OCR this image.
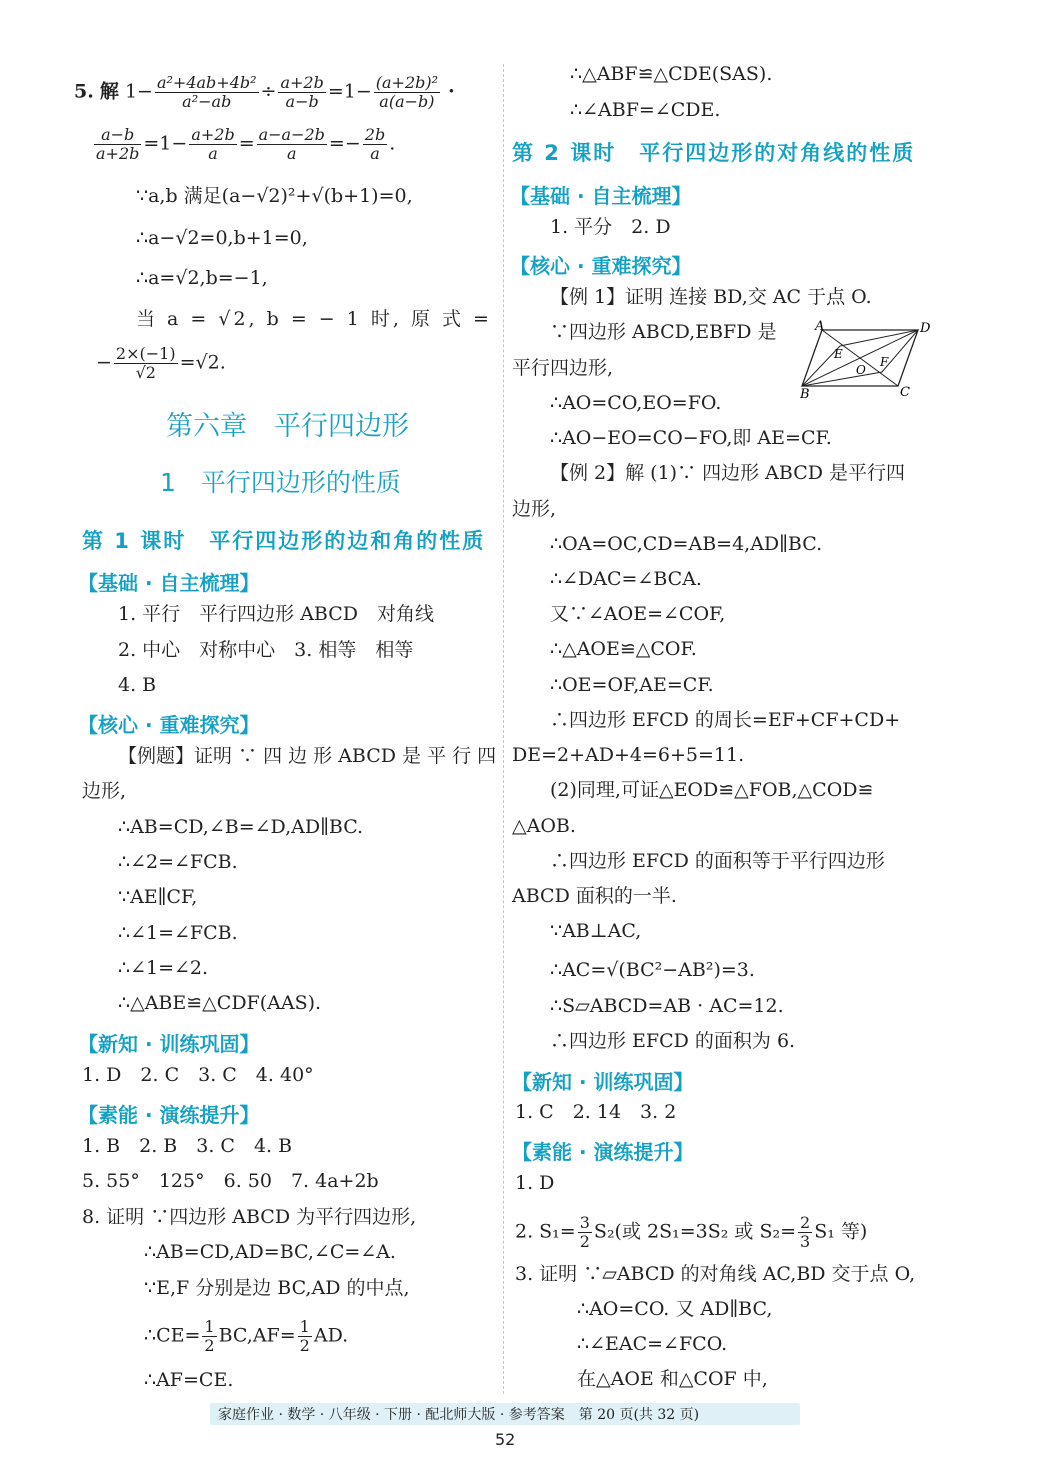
5. 解 $1- \frac{\text{a²+4ab+4b²}}{\text{a²−ab}} \div \frac{a+2b}{a-b} =1- \frac{\text{(a+2b)²}}{a(a-b)}$ ·
$\frac{a-b}{a+2b} =1- \frac{a+2b}{a} = \frac{a-a-2b}{a} =- \frac{2b}{a}$ .
∵a,b 满足(a−√2)²+√(b+1)=0,
∴a−√2=0,b+1=0,
∴a=√2,b=−1,
当 a = √2, b = − 1 时, 原 式 =
− $\frac{2\times(-1)}{√2} =√2$.
第六章　平行四边形
1　平行四边形的性质
第 1 课时　平行四边形的边和角的性质
【基础 · 自主梳理】
1. 平行　平行四边形 ABCD　对角线
2. 中心　对称中心　3. 相等　相等
4. B
【核心 · 重难探究】
【例题】证明 ∵ 四 边 形 ABCD 是 平 行 四
边形,
∴AB=CD,∠B=∠D,AD∥BC.
∴∠2=∠FCB.
∵AE∥CF,
∴∠1=∠FCB.
∴∠1=∠2.
∴△ABE≌△CDF(AAS).
【新知 · 训练巩固】
1. D　2. C　3. C　4. 40°
【素能 · 演练提升】
1. B　2. B　3. C　4. B
5. 55°　125°　6. 50　7. 4a+2b
8. 证明 ∵四边形 ABCD 为平行四边形,
∴AB=CD,AD=BC,∠C=∠A.
∵E,F 分别是边 BC,AD 的中点,
∴CE= $\frac{1}{2} BC,AF= \frac{1}{2}$ AD.
∴AF=CE.
∴△ABF≌△CDE(SAS).
∴∠ABF=∠CDE.
第 2 课时　平行四边形的对角线的性质
【基础 · 自主梳理】
1. 平分　2. D
【核心 · 重难探究】
【例 1】证明 连接 BD,交 AC 于点 O.
∵四边形 ABCD,EBFD 是
平行四边形,
A	D
B	C
E
F
O
∴AO=CO,EO=FO.
∴AO−EO=CO−FO,即 AE=CF.
【例 2】解 (1)∵ 四边形 ABCD 是平行四
边形,
∴OA=OC,CD=AB=4,AD∥BC.
∴∠DAC=∠BCA.
又∵∠AOE=∠COF,
∴△AOE≌△COF.
∴OE=OF,AE=CF.
∴四边形 EFCD 的周长=EF+CF+CD+
DE=2+AD+4=6+5=11.
(2)同理,可证△EOD≌△FOB,△COD≌
△AOB.
∴四边形 EFCD 的面积等于平行四边形
ABCD 面积的一半.
∵AB⊥AC,
∴AC=√(BC²−AB²)=3.
∴S▱ABCD=AB · AC=12.
∴四边形 EFCD 的面积为 6.
【新知 · 训练巩固】
1. C　2. 14　3. 2
【素能 · 演练提升】
1. D
2. $S_1= \frac{3}{2} S_2$(或 2S₁=3S₂ 或 $S_2= \frac{2}{3} S_1$ 等)
3. 证明 ∵▱ABCD 的对角线 AC,BD 交于点 O,
∴AO=CO. 又 AD∥BC,
∴∠EAC=∠FCO.
在△AOE 和△COF 中,
家庭作业 · 数学 · 八年级 · 下册 · 配北师大版 · 参考答案　第 20 页(共 32 页)
52
